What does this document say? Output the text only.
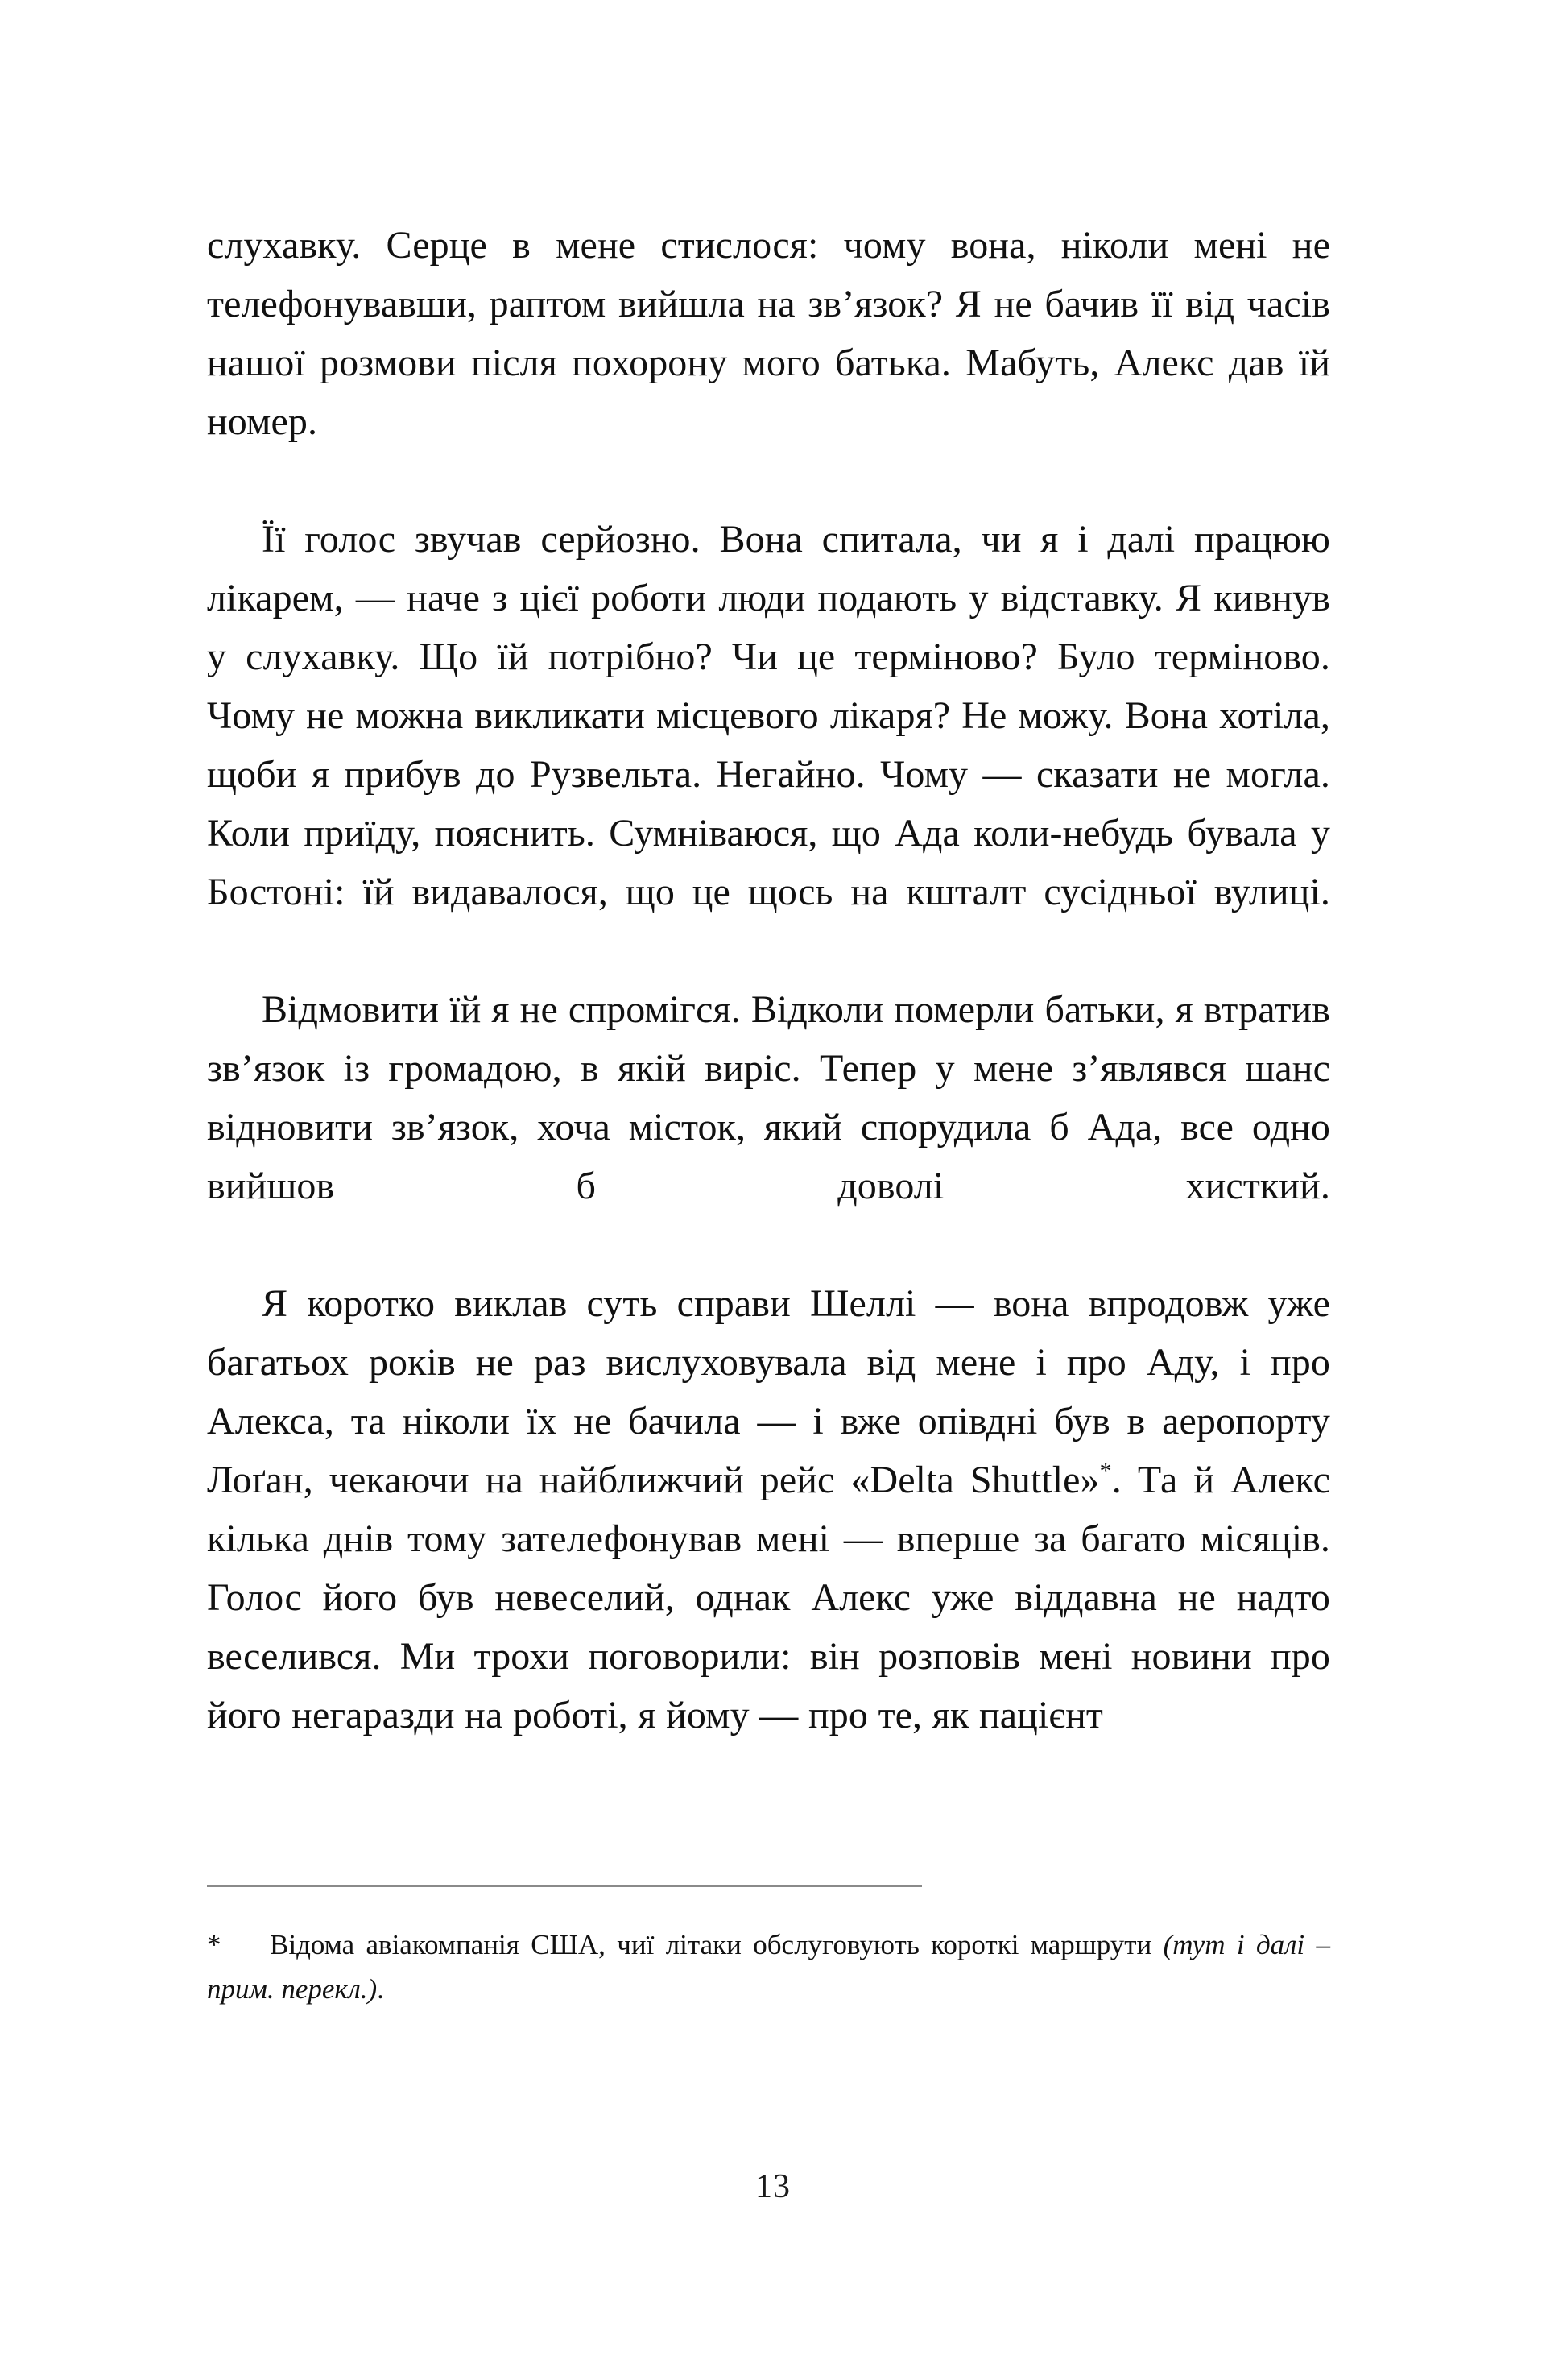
слухавку. Серце в мене стислося: чому вона, ніколи мені не телефонувавши, раптом вийшла на зв’язок? Я не бачив її від часів нашої розмови після похорону мого батька. Мабуть, Алекс дав їй номер.

Її голос звучав серйозно. Вона спитала, чи я і далі працюю лікарем, — наче з цієї роботи люди подають у відставку. Я кивнув у слухавку. Що їй потрібно? Чи це терміново? Було терміново. Чому не можна викликати місцевого лікаря? Не можу. Вона хотіла, щоби я прибув до Рузвельта. Негайно. Чому — сказати не могла. Коли приїду, пояснить. Сумніваюся, що Ада коли-небудь бувала у Бостоні: їй видавалося, що це щось на кшталт сусідньої вулиці.

Відмовити їй я не спромігся. Відколи померли батьки, я втратив зв’язок із громадою, в якій виріс. Тепер у мене з’являвся шанс відновити зв’язок, хоча місток, який спорудила б Ада, все одно вийшов б доволі хисткий.

Я коротко виклав суть справи Шеллі — вона впродовж уже багатьох років не раз вислуховувала від мене і про Аду, і про Алекса, та ніколи їх не бачила — і вже опівдні був в аеропорту Лоґан, чекаючи на найближчий рейс «Delta Shuttle»*. Та й Алекс кілька днів тому зателефонував мені — вперше за багато місяців. Голос його був невеселий, однак Алекс уже віддавна не надто веселився. Ми трохи поговорили: він розповів мені новини про його негаразди на роботі, я йому — про те, як пацієнт

* Відома авіакомпанія США, чиї літаки обслуговують короткі маршрути (тут і далі – прим. перекл.).

13
